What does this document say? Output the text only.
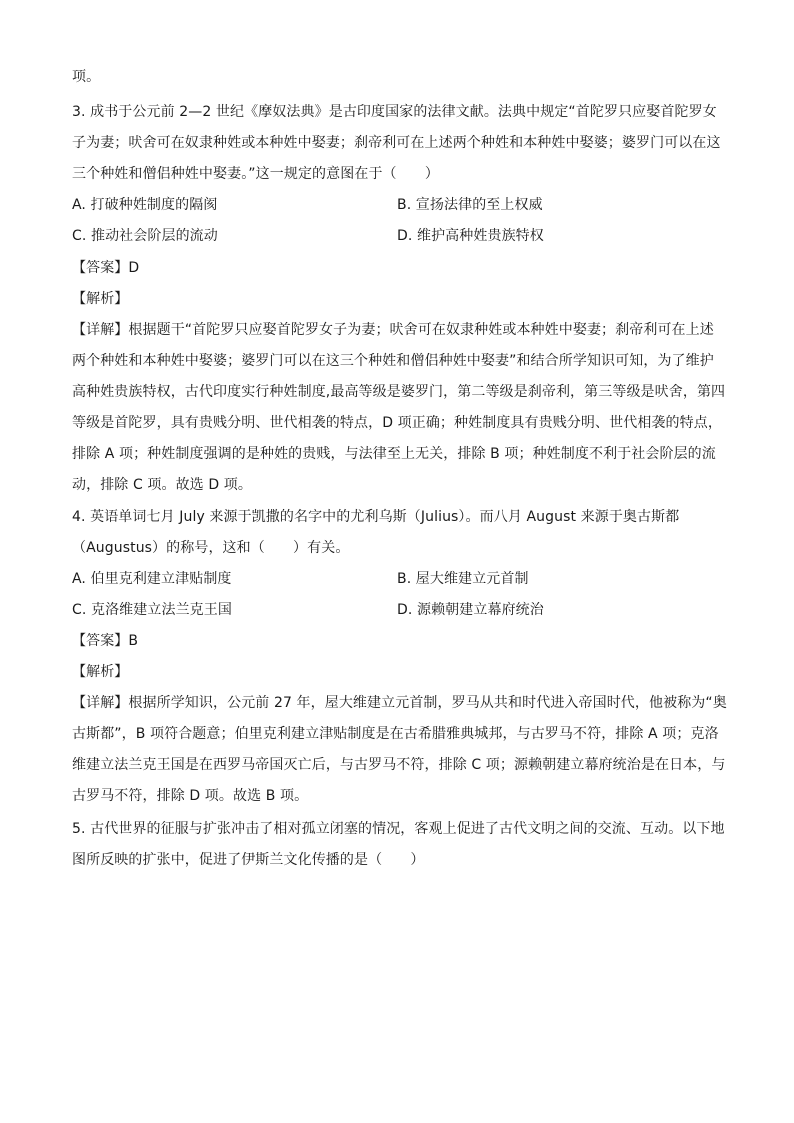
项。
3. 成书于公元前 2—2 世纪《摩奴法典》是古印度国家的法律文献。法典中规定“首陀罗只应娶首陀罗女
子为妻；吠舍可在奴隶种姓或本种姓中娶妻；刹帝利可在上述两个种姓和本种姓中娶婆；婆罗门可以在这
三个种姓和僧侣种姓中娶妻。”这一规定的意图在于（　　）
A. 打破种姓制度的隔阂	B. 宣扬法律的至上权威
C. 推动社会阶层的流动	D. 维护高种姓贵族特权
【答案】D
【解析】
【详解】根据题干“首陀罗只应娶首陀罗女子为妻；吠舍可在奴隶种姓或本种姓中娶妻；刹帝利可在上述
两个种姓和本种姓中娶婆；婆罗门可以在这三个种姓和僧侣种姓中娶妻”和结合所学知识可知，为了维护
高种姓贵族特权，古代印度实行种姓制度,最高等级是婆罗门，第二等级是刹帝利，第三等级是吠舍，第四
等级是首陀罗，具有贵贱分明、世代相袭的特点，D 项正确；种姓制度具有贵贱分明、世代相袭的特点，
排除 A 项；种姓制度强调的是种姓的贵贱，与法律至上无关，排除 B 项；种姓制度不利于社会阶层的流
动，排除 C 项。故选 D 项。
4. 英语单词七月 July 来源于凯撒的名字中的尤利乌斯（Julius）。而八月 August 来源于奥古斯都
（Augustus）的称号，这和（　　）有关。
A. 伯里克利建立津贴制度	B. 屋大维建立元首制
C. 克洛维建立法兰克王国	D. 源赖朝建立幕府统治
【答案】B
【解析】
【详解】根据所学知识，公元前 27 年，屋大维建立元首制，罗马从共和时代进入帝国时代，他被称为“奥
古斯都”，B 项符合题意；伯里克利建立津贴制度是在古希腊雅典城邦，与古罗马不符，排除 A 项；克洛
维建立法兰克王国是在西罗马帝国灭亡后，与古罗马不符，排除 C 项；源赖朝建立幕府统治是在日本，与
古罗马不符，排除 D 项。故选 B 项。
5. 古代世界的征服与扩张冲击了相对孤立闭塞的情况，客观上促进了古代文明之间的交流、互动。以下地
图所反映的扩张中，促进了伊斯兰文化传播的是（　　）
